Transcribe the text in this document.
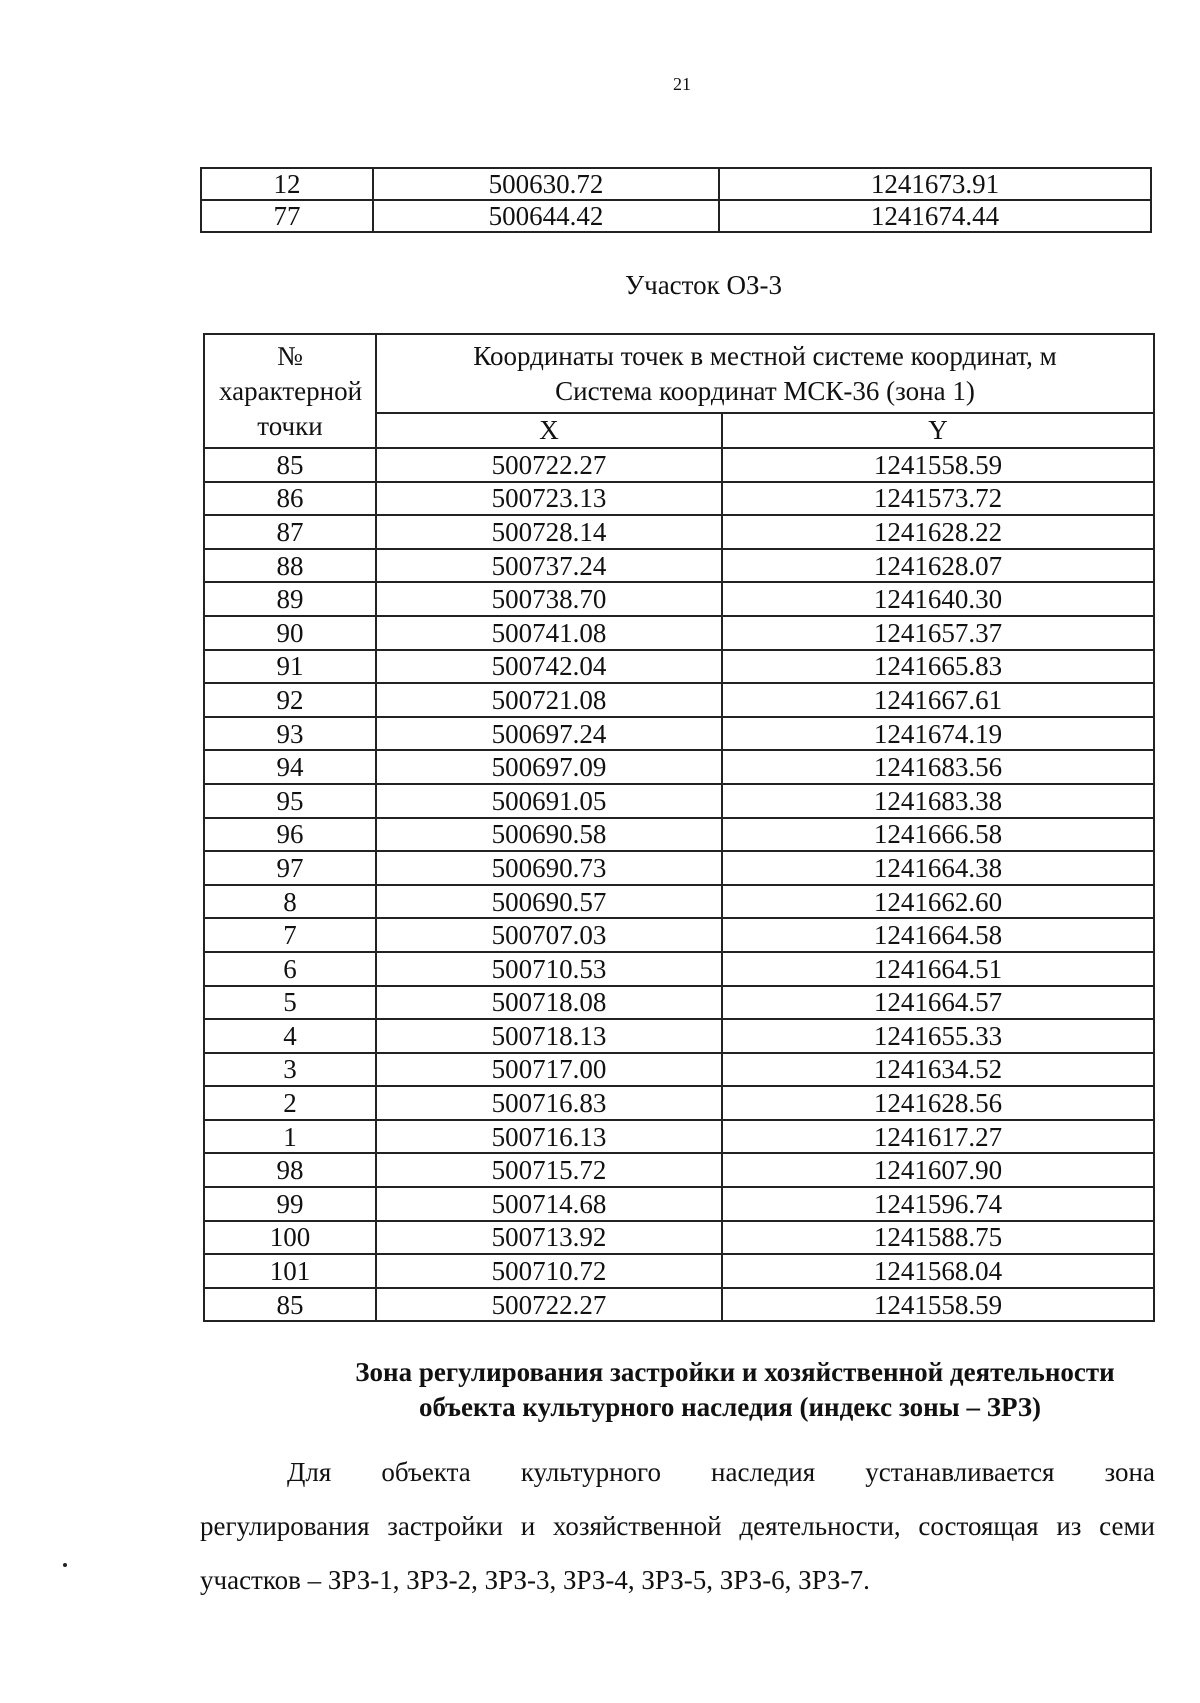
21
12	500630.72	1241673.91
77	500644.42	1241674.44
Участок ОЗ-3
№ характерной точки	Координаты точек в местной системе координат, м
Система координат МСК-36 (зона 1)	

	X	Y
85	500722.27	1241558.59
86	500723.13	1241573.72
87	500728.14	1241628.22
88	500737.24	1241628.07
89	500738.70	1241640.30
90	500741.08	1241657.37
91	500742.04	1241665.83
92	500721.08	1241667.61
93	500697.24	1241674.19
94	500697.09	1241683.56
95	500691.05	1241683.38
96	500690.58	1241666.58
97	500690.73	1241664.38
8	500690.57	1241662.60
7	500707.03	1241664.58
6	500710.53	1241664.51
5	500718.08	1241664.57
4	500718.13	1241655.33
3	500717.00	1241634.52
2	500716.83	1241628.56
1	500716.13	1241617.27
98	500715.72	1241607.90
99	500714.68	1241596.74
100	500713.92	1241588.75
101	500710.72	1241568.04
85	500722.27	1241558.59
Зона регулирования застройки и хозяйственной деятельности
объекта культурного наследия (индекс зоны – ЗРЗ)
Для объекта культурного наследия устанавливается зона
регулирования застройки и хозяйственной деятельности, состоящая из семи участков – ЗРЗ-1, ЗРЗ-2, ЗРЗ-3, ЗРЗ-4, ЗРЗ-5, ЗРЗ-6, ЗРЗ-7.
